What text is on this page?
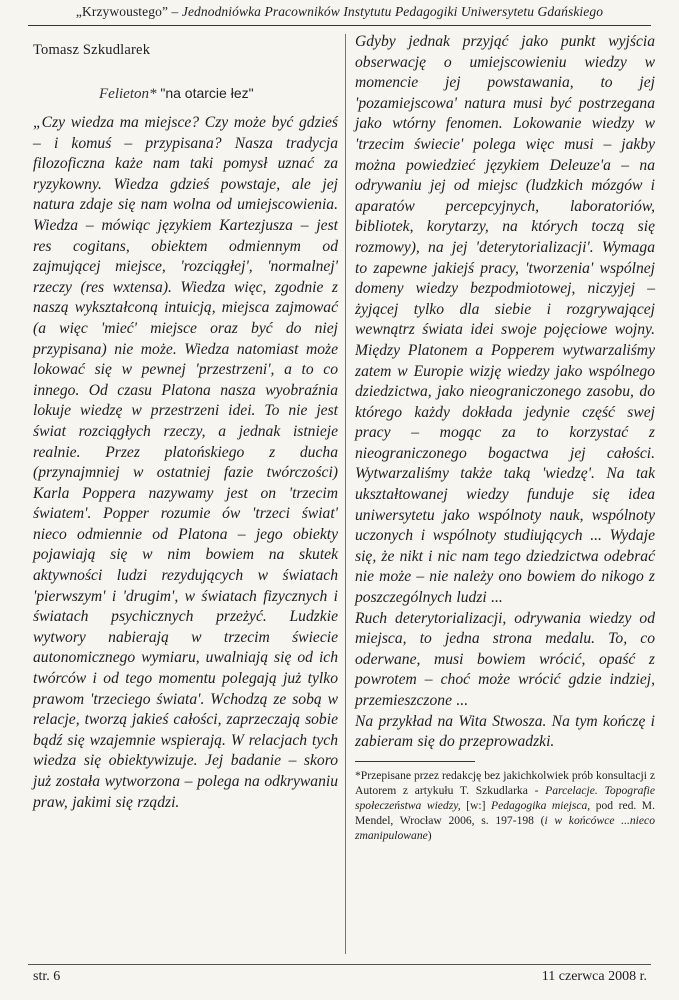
„Krzywoustego” – Jednodniówka Pracowników Instytutu Pedagogiki Uniwersytetu Gdańskiego

Tomasz Szkudlarek

Felieton* "na otarcie łez"

„Czy wiedza ma miejsce? Czy może być gdzieś – i komuś – przypisana? Nasza tradycja filozoficzna każe nam taki pomysł uznać za ryzykowny. Wiedza gdzieś powstaje, ale jej natura zdaje się nam wolna od umiejscowienia. Wiedza – mówiąc językiem Kartezjusza – jest res cogitans, obiektem odmiennym od zajmującej miejsce, 'rozciągłej', 'normalnej' rzeczy (res wxtensa). Wiedza więc, zgodnie z naszą wykształconą intuicją, miejsca zajmować (a więc 'mieć' miejsce oraz być do niej przypisana) nie może. Wiedza natomiast może lokować się w pewnej 'przestrzeni', a to co innego. Od czasu Platona nasza wyobraźnia lokuje wiedzę w przestrzeni idei. To nie jest świat rozciągłych rzeczy, a jednak istnieje realnie. Przez platońskiego z ducha (przynajmniej w ostatniej fazie twórczości) Karla Poppera nazywamy jest on 'trzecim światem'. Popper rozumie ów 'trzeci świat' nieco odmiennie od Platona – jego obiekty pojawiają się w nim bowiem na skutek aktywności ludzi rezydujących w światach 'pierwszym' i 'drugim', w światach fizycznych i światach psychicznych przeżyć. Ludzkie wytwory nabierają w trzecim świecie autonomicznego wymiaru, uwalniają się od ich twórców i od tego momentu polegają już tylko prawom 'trzeciego świata'. Wchodzą ze sobą w relacje, tworzą jakieś całości, zaprzeczają sobie bądź się wzajemnie wspierają. W relacjach tych wiedza się obiektywizuje. Jej badanie – skoro już została wytworzona – polega na odkrywaniu praw, jakimi się rządzi.

Gdyby jednak przyjąć jako punkt wyjścia obserwację o umiejscowieniu wiedzy w momencie jej powstawania, to jej 'pozamiejscowa' natura musi być postrzegana jako wtórny fenomen. Lokowanie wiedzy w 'trzecim świecie' polega więc musi – jakby można powiedzieć językiem Deleuze'a – na odrywaniu jej od miejsc (ludzkich mózgów i aparatów percepcyjnych, laboratoriów, bibliotek, korytarzy, na których toczą się rozmowy), na jej 'deterytorializacji'. Wymaga to zapewne jakiejś pracy, 'tworzenia' wspólnej domeny wiedzy bezpodmiotowej, niczyjej – żyjącej tylko dla siebie i rozgrywającej wewnątrz świata idei swoje pojęciowe wojny. Między Platonem a Popperem wytwarzaliśmy zatem w Europie wizję wiedzy jako wspólnego dziedzictwa, jako nieograniczonego zasobu, do którego każdy dokłada jedynie część swej pracy – mogąc za to korzystać z nieograniczonego bogactwa jej całości. Wytwarzaliśmy także taką 'wiedzę'. Na tak ukształtowanej wiedzy funduje się idea uniwersytetu jako wspólnoty nauk, wspólnoty uczonych i wspólnoty studiujących ... Wydaje się, że nikt i nic nam tego dziedzictwa odebrać nie może – nie należy ono bowiem do nikogo z poszczególnych ludzi ...

Ruch deterytorializacji, odrywania wiedzy od miejsca, to jedna strona medalu. To, co oderwane, musi bowiem wrócić, opaść z powrotem – choć może wrócić gdzie indziej, przemieszczone ...

Na przykład na Wita Stwosza. Na tym kończę i zabieram się do przeprowadzki.

*Przepisane przez redakcję bez jakichkolwiek prób konsultacji z Autorem z artykułu T. Szkudlarka - Parcelacje. Topografie społeczeństwa wiedzy, [w:] Pedagogika miejsca, pod red. M. Mendel, Wrocław 2006, s. 197-198 (i w końcówce ...nieco zmanipulowane)

str. 6	11 czerwca 2008 r.
